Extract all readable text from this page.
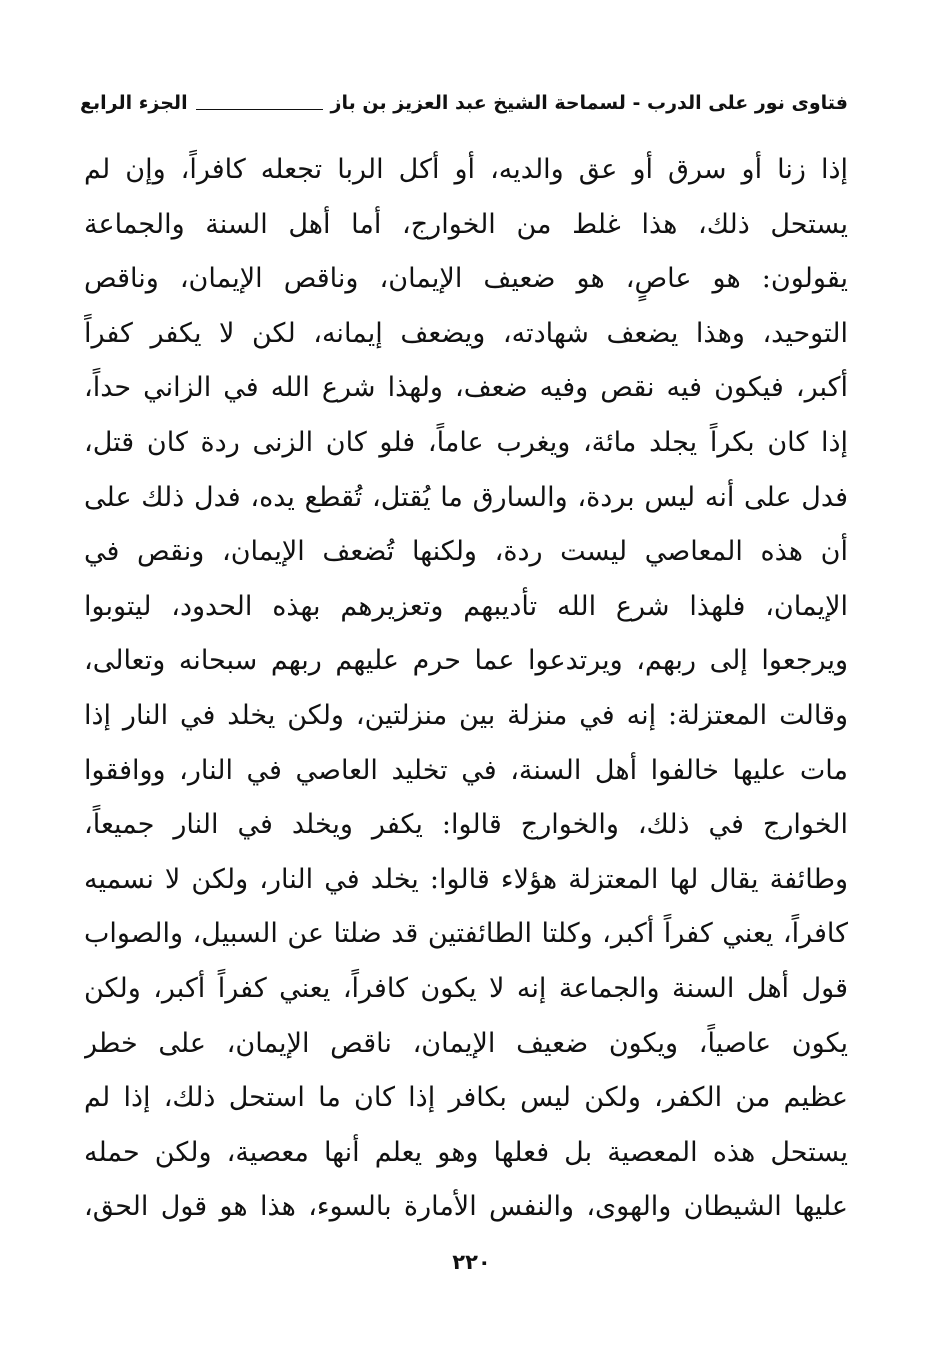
فتاوى نور على الدرب - لسماحة الشيخ عبد العزيز بن باز
الجزء الرابع
إذا زنا أو سرق أو عق والديه، أو أكل الربا تجعله كافراً، وإن لم
يستحل ذلك، هذا غلط من الخوارج، أما أهل السنة والجماعة
يقولون: هو عاصٍ، هو ضعيف الإيمان، وناقص الإيمان، وناقص
التوحيد، وهذا يضعف شهادته، ويضعف إيمانه، لكن لا يكفر كفراً
أكبر، فيكون فيه نقص وفيه ضعف، ولهذا شرع الله في الزاني حداً،
إذا كان بكراً يجلد مائة، ويغرب عاماً، فلو كان الزنى ردة كان قتل،
فدل على أنه ليس بردة، والسارق ما يُقتل، تُقطع يده، فدل ذلك على
أن هذه المعاصي ليست ردة، ولكنها تُضعف الإيمان، ونقص في
الإيمان، فلهذا شرع الله تأديبهم وتعزيرهم بهذه الحدود، ليتوبوا
ويرجعوا إلى ربهم، ويرتدعوا عما حرم عليهم ربهم سبحانه وتعالى،
وقالت المعتزلة: إنه في منزلة بين منزلتين، ولكن يخلد في النار إذا
مات عليها خالفوا أهل السنة، في تخليد العاصي في النار، ووافقوا
الخوارج في ذلك، والخوارج قالوا: يكفر ويخلد في النار جميعاً،
وطائفة يقال لها المعتزلة هؤلاء قالوا: يخلد في النار، ولكن لا نسميه
كافراً، يعني كفراً أكبر، وكلتا الطائفتين قد ضلتا عن السبيل، والصواب
قول أهل السنة والجماعة إنه لا يكون كافراً، يعني كفراً أكبر، ولكن
يكون عاصياً، ويكون ضعيف الإيمان، ناقص الإيمان، على خطر
عظيم من الكفر، ولكن ليس بكافر إذا كان ما استحل ذلك، إذا لم
يستحل هذه المعصية بل فعلها وهو يعلم أنها معصية، ولكن حمله
عليها الشيطان والهوى، والنفس الأمارة بالسوء، هذا هو قول الحق،
٢٢٠
